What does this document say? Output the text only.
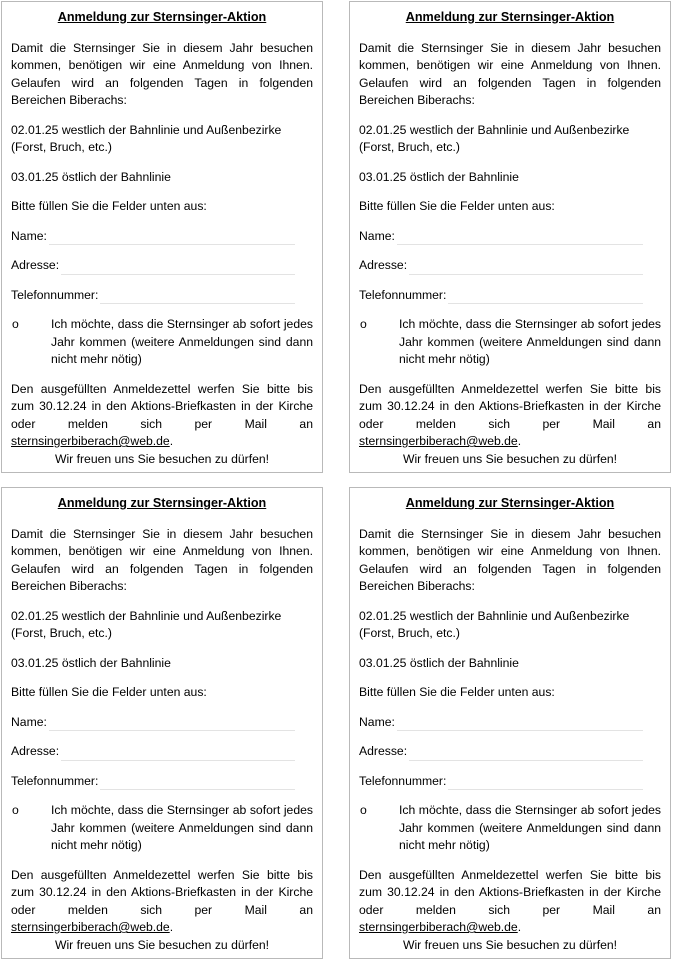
Anmeldung zur Sternsinger-Aktion

Damit die Sternsinger Sie in diesem Jahr besuchen kommen, benötigen wir eine Anmeldung von Ihnen. Gelaufen wird an folgenden Tagen in folgenden Bereichen Biberachs:

02.01.25 westlich der Bahnlinie und Außenbezirke (Forst, Bruch, etc.)

03.01.25 östlich der Bahnlinie

Bitte füllen Sie die Felder unten aus:

Name:
Adresse:
Telefonnummer:
o	Ich möchte, dass die Sternsinger ab sofort jedes Jahr kommen (weitere Anmeldungen sind dann nicht mehr nötig)

Den ausgefüllten Anmeldezettel werfen Sie bitte bis zum 30.12.24 in den Aktions-Briefkasten in der Kirche oder melden sich per Mail an sternsingerbiberach@web.de.

Wir freuen uns Sie besuchen zu dürfen!

Anmeldung zur Sternsinger-Aktion

Damit die Sternsinger Sie in diesem Jahr besuchen kommen, benötigen wir eine Anmeldung von Ihnen. Gelaufen wird an folgenden Tagen in folgenden Bereichen Biberachs:

02.01.25 westlich der Bahnlinie und Außenbezirke (Forst, Bruch, etc.)

03.01.25 östlich der Bahnlinie

Bitte füllen Sie die Felder unten aus:

Name:
Adresse:
Telefonnummer:
o	Ich möchte, dass die Sternsinger ab sofort jedes Jahr kommen (weitere Anmeldungen sind dann nicht mehr nötig)

Den ausgefüllten Anmeldezettel werfen Sie bitte bis zum 30.12.24 in den Aktions-Briefkasten in der Kirche oder melden sich per Mail an sternsingerbiberach@web.de.

Wir freuen uns Sie besuchen zu dürfen!

Anmeldung zur Sternsinger-Aktion

Damit die Sternsinger Sie in diesem Jahr besuchen kommen, benötigen wir eine Anmeldung von Ihnen. Gelaufen wird an folgenden Tagen in folgenden Bereichen Biberachs:

02.01.25 westlich der Bahnlinie und Außenbezirke (Forst, Bruch, etc.)

03.01.25 östlich der Bahnlinie

Bitte füllen Sie die Felder unten aus:

Name:
Adresse:
Telefonnummer:
o	Ich möchte, dass die Sternsinger ab sofort jedes Jahr kommen (weitere Anmeldungen sind dann nicht mehr nötig)

Den ausgefüllten Anmeldezettel werfen Sie bitte bis zum 30.12.24 in den Aktions-Briefkasten in der Kirche oder melden sich per Mail an sternsingerbiberach@web.de.

Wir freuen uns Sie besuchen zu dürfen!

Anmeldung zur Sternsinger-Aktion

Damit die Sternsinger Sie in diesem Jahr besuchen kommen, benötigen wir eine Anmeldung von Ihnen. Gelaufen wird an folgenden Tagen in folgenden Bereichen Biberachs:

02.01.25 westlich der Bahnlinie und Außenbezirke (Forst, Bruch, etc.)

03.01.25 östlich der Bahnlinie

Bitte füllen Sie die Felder unten aus:

Name:
Adresse:
Telefonnummer:
o	Ich möchte, dass die Sternsinger ab sofort jedes Jahr kommen (weitere Anmeldungen sind dann nicht mehr nötig)

Den ausgefüllten Anmeldezettel werfen Sie bitte bis zum 30.12.24 in den Aktions-Briefkasten in der Kirche oder melden sich per Mail an sternsingerbiberach@web.de.

Wir freuen uns Sie besuchen zu dürfen!
